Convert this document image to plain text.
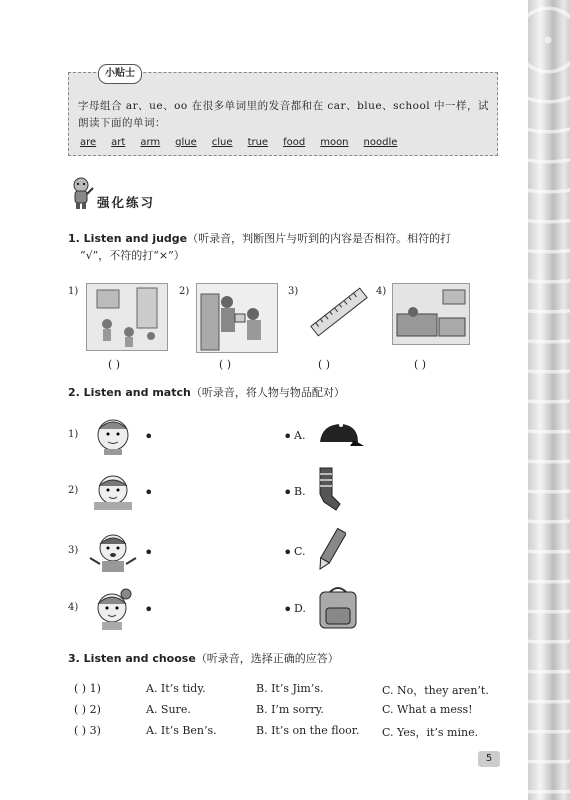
小贴士
字母组合 ar、ue、oo 在很多单词里的发音都和在 car、blue、school 中一样，试朗读下面的单词：
are art arm glue clue true food moon noodle
强化练习
1. Listen and judge（听录音，判断图片与听到的内容是否相符。相符的打
“√”，不符的打“×”）
1)
( )
2)
( )
3)
( )
4)
( )
2. Listen and match（听录音，将人物与物品配对）
1)	•
2)	•
3)	•
4)	•
• A.
• B.
• C.
• D.
3. Listen and choose（听录音，选择正确的应答）
( ) 1)	A. It’s tidy.	B. It’s Jim’s.	C. No，they aren’t.
( ) 2)	A. Sure.	B. I’m sorry.	C. What a mess!
( ) 3)	A. It’s Ben’s.	B. It’s on the floor. C. Yes，it’s mine.
5
